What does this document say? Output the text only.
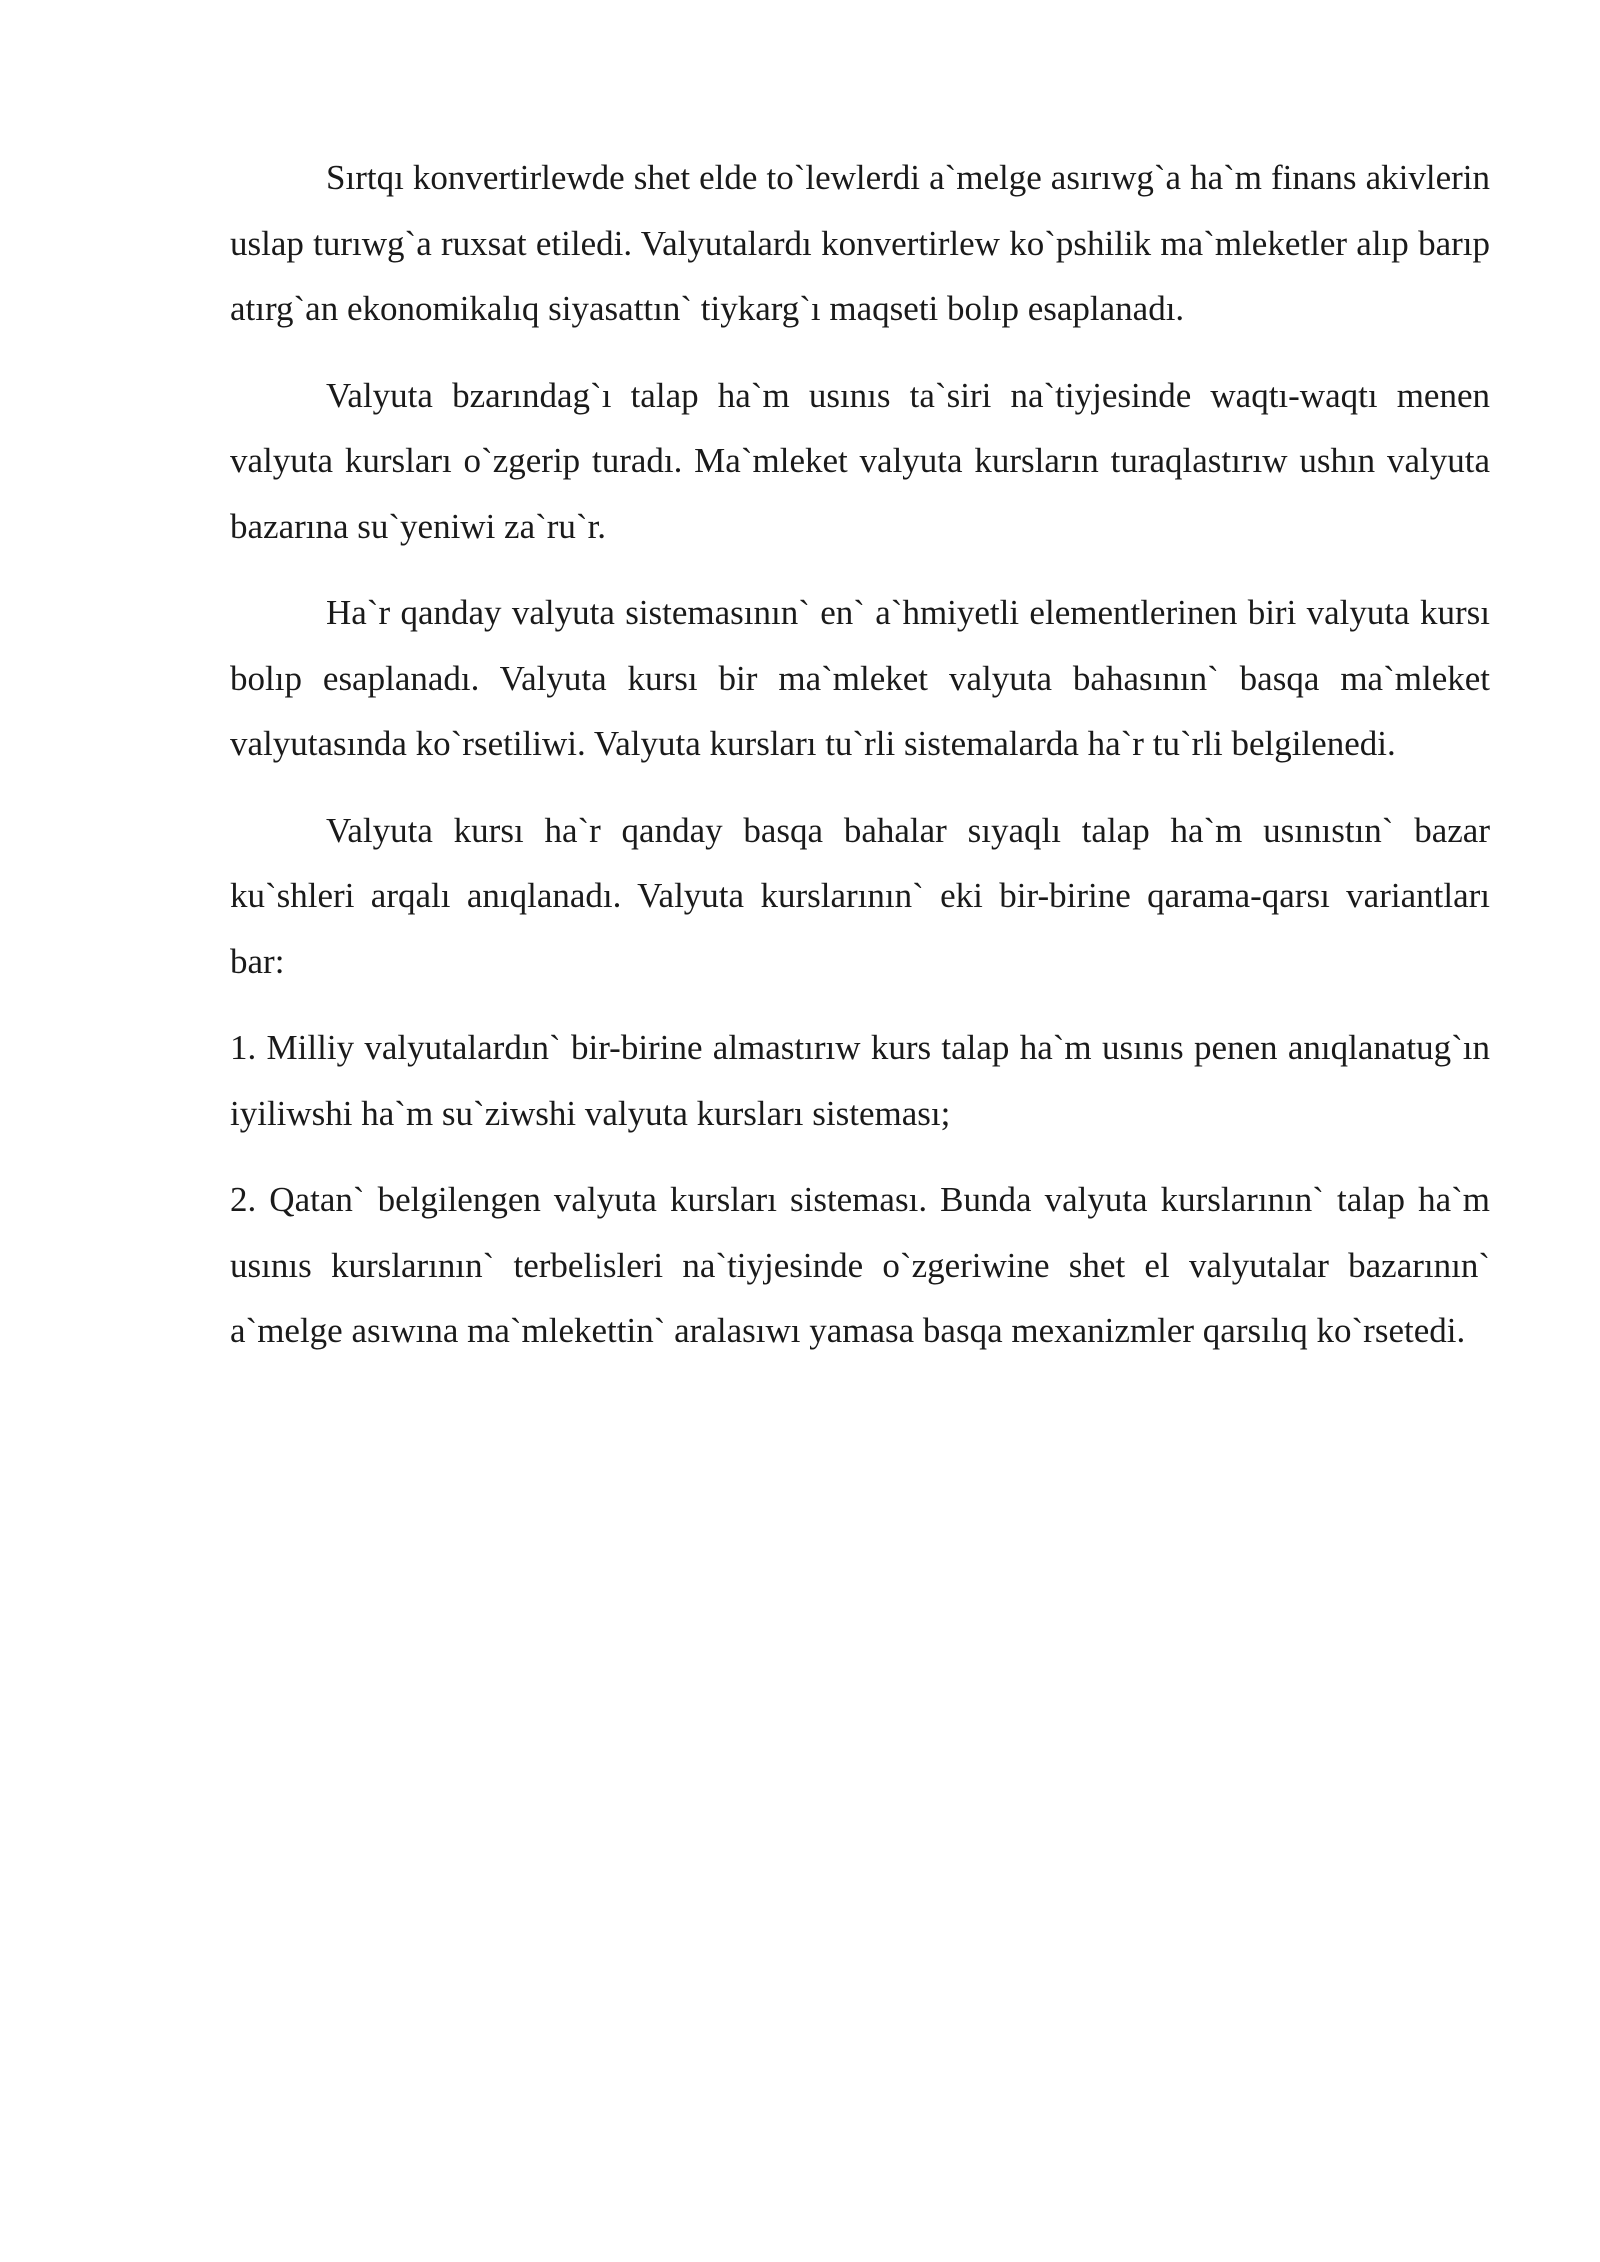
Sırtqı konvertirlewde shet elde to`lewlerdi a`melge asırıwg`a ha`m finans akivlerin uslap turıwg`a ruxsat etiledi. Valyutalardı konvertirlew ko`pshilik ma`mleketler alıp barıp atırg`an ekonomikalıq siyasattın` tiykarg`ı maqseti bolıp esaplanadı.

Valyuta bzarındag`ı talap ha`m usınıs ta`siri na`tiyjesinde waqtı-waqtı menen valyuta kursları o`zgerip turadı. Ma`mleket valyuta kursların turaqlastırıw ushın valyuta bazarına su`yeniwi za`ru`r.

Ha`r qanday valyuta sistemasının` en` a`hmiyetli elementlerinen biri valyuta kursı bolıp esaplanadı. Valyuta kursı bir ma`mleket valyuta bahasının` basqa ma`mleket valyutasında ko`rsetiliwi. Valyuta kursları tu`rli sistemalarda ha`r tu`rli belgilenedi.

Valyuta kursı ha`r qanday basqa bahalar sıyaqlı talap ha`m usınıstın` bazar ku`shleri arqalı anıqlanadı. Valyuta kurslarının` eki bir-birine qarama-qarsı variantları bar:

1. Milliy valyutalardın` bir-birine almastırıw kurs talap ha`m usınıs penen anıqlanatug`ın iyiliwshi ha`m su`ziwshi valyuta kursları sisteması;

2. Qatan` belgilengen valyuta kursları sisteması. Bunda valyuta kurslarının` talap ha`m usınıs kurslarının` terbelisleri na`tiyjesinde o`zgeriwine shet el valyutalar bazarının` a`melge asıwına ma`mlekettin` aralasıwı yamasa basqa mexanizmler qarsılıq ko`rsetedi.
